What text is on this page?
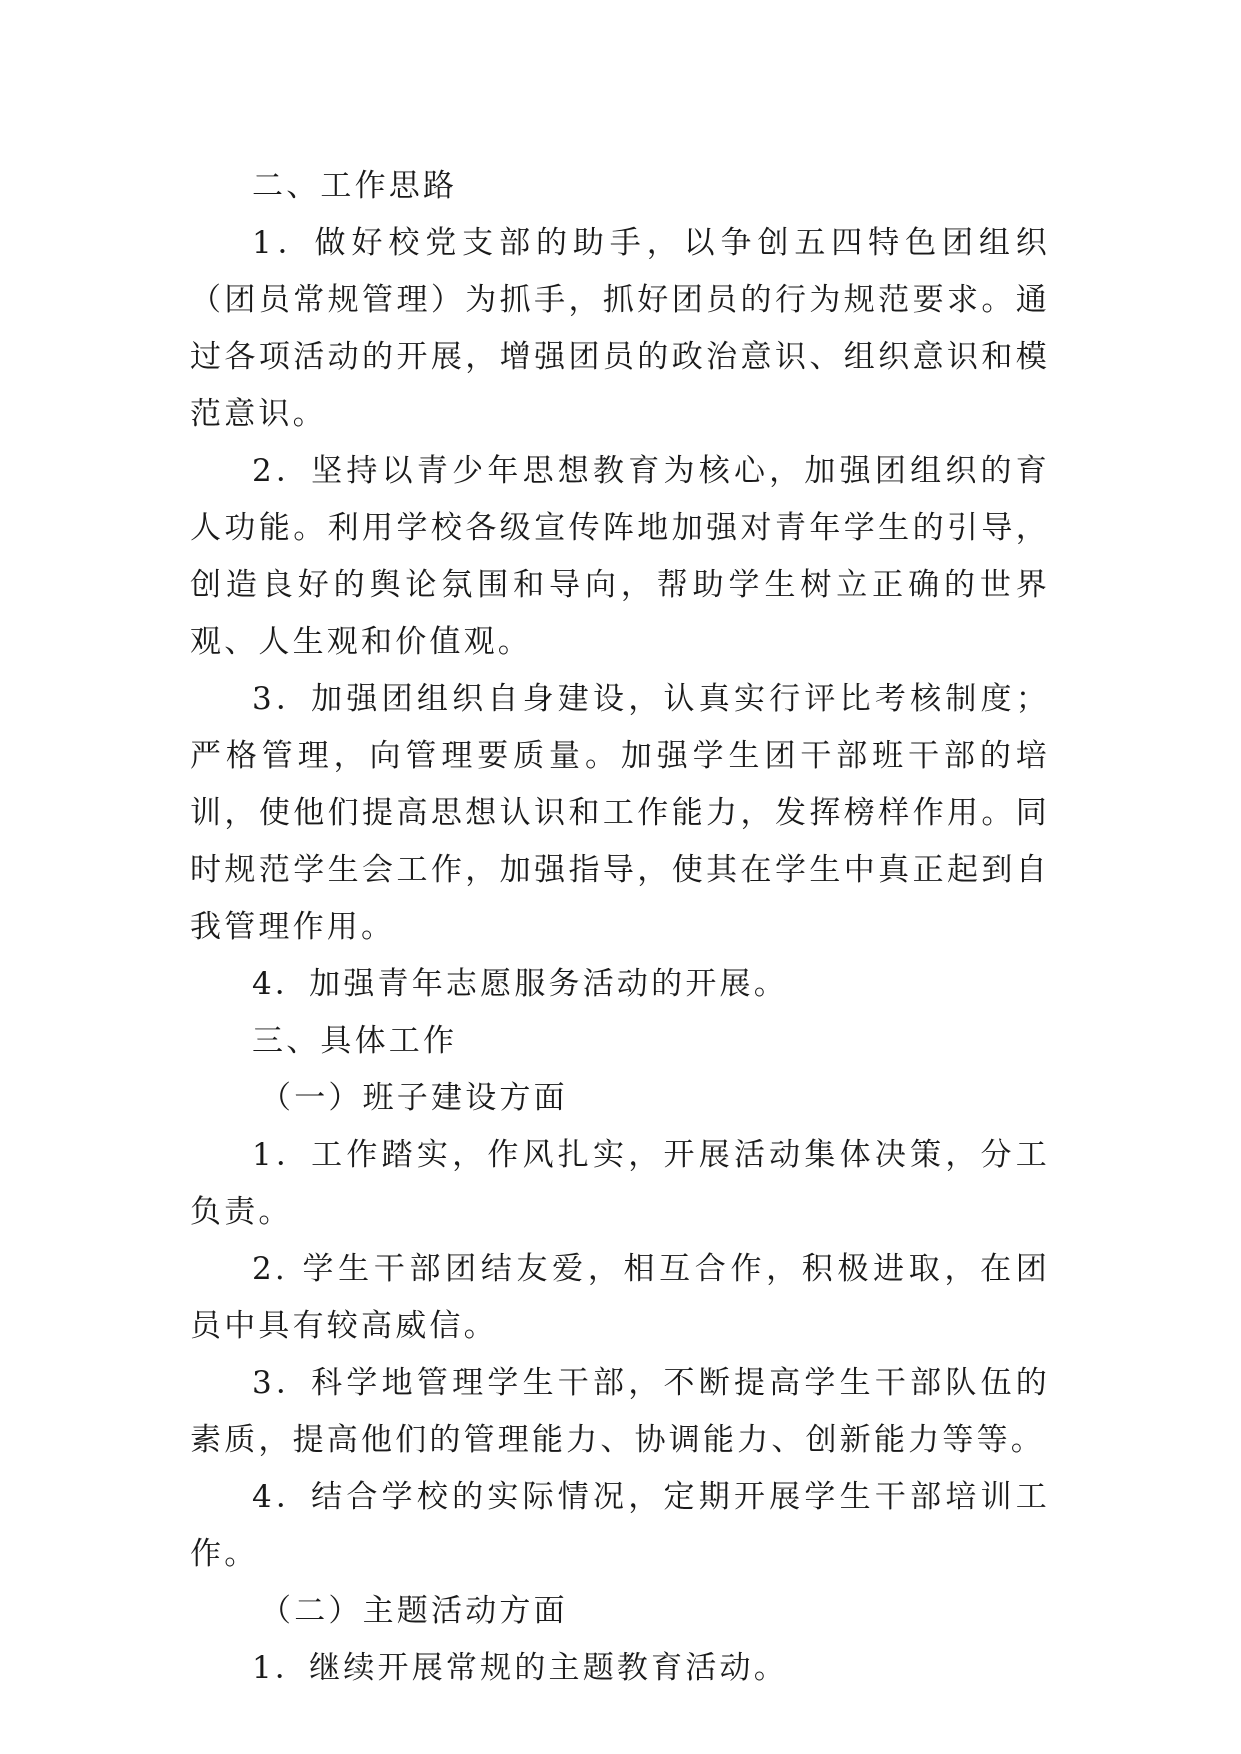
二、工作思路
1．做好校党支部的助手，以争创五四特色团组织（团员常规管理）为抓手，抓好团员的行为规范要求。通过各项活动的开展，增强团员的政治意识、组织意识和模范意识。
2．坚持以青少年思想教育为核心，加强团组织的育人功能。利用学校各级宣传阵地加强对青年学生的引导，创造良好的舆论氛围和导向，帮助学生树立正确的世界观、人生观和价值观。
3．加强团组织自身建设，认真实行评比考核制度；严格管理，向管理要质量。加强学生团干部班干部的培训，使他们提高思想认识和工作能力，发挥榜样作用。同时规范学生会工作，加强指导，使其在学生中真正起到自我管理作用。
4．加强青年志愿服务活动的开展。
三、具体工作
（一）班子建设方面
1．工作踏实，作风扎实，开展活动集体决策，分工负责。
2. 学生干部团结友爱，相互合作，积极进取，在团员中具有较高威信。
3．科学地管理学生干部，不断提高学生干部队伍的素质，提高他们的管理能力、协调能力、创新能力等等。
4．结合学校的实际情况，定期开展学生干部培训工作。
（二）主题活动方面
1．继续开展常规的主题教育活动。
